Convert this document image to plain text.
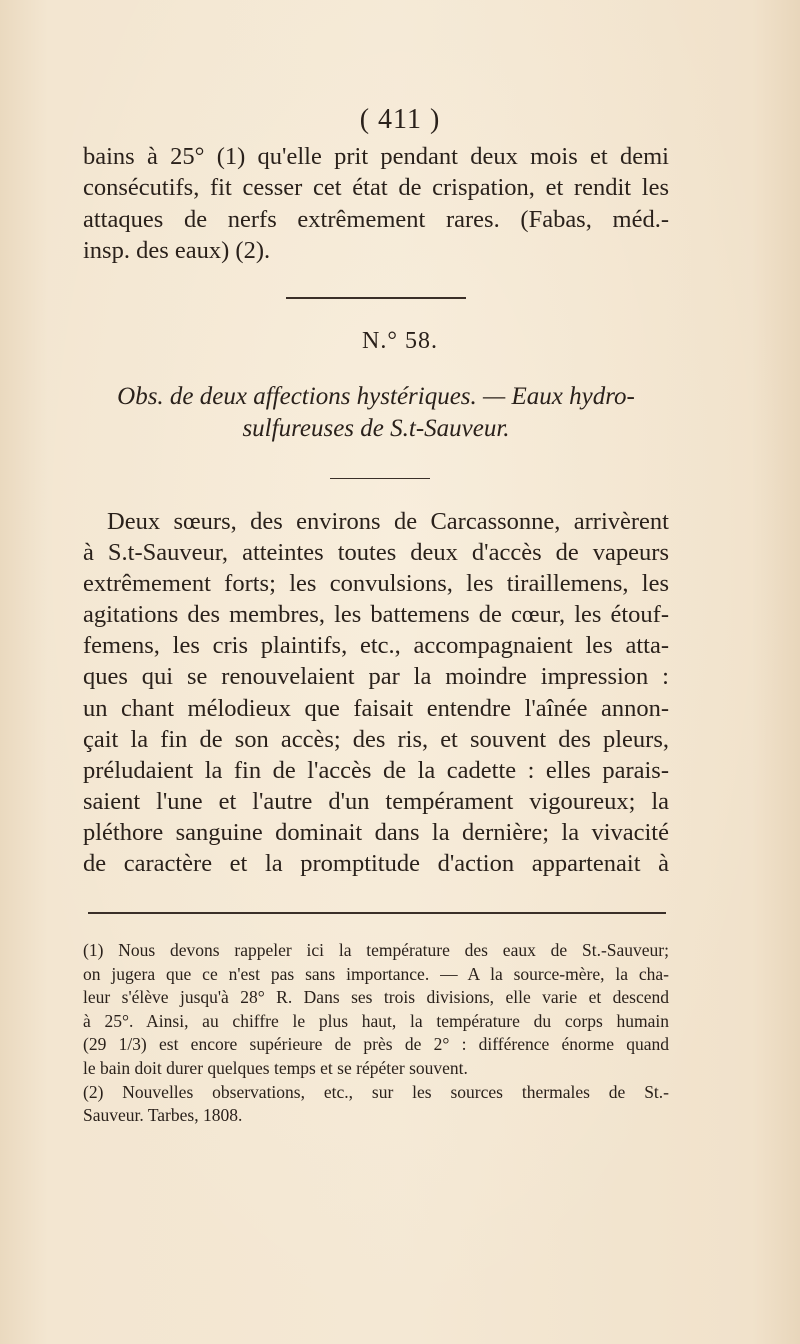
( 411 )
bains à 25° (1) qu'elle prit pendant deux mois et demi
consécutifs, fit cesser cet état de crispation, et rendit les
attaques de nerfs extrêmement rares. (Fabas, méd.-
insp. des eaux) (2).
N.° 58.
Obs. de deux affections hystériques. — Eaux hydro-
sulfureuses de S.t-Sauveur.
Deux sœurs, des environs de Carcassonne, arrivèrent
à S.t-Sauveur, atteintes toutes deux d'accès de vapeurs
extrêmement forts; les convulsions, les tiraillemens, les
agitations des membres, les battemens de cœur, les étouf-
femens, les cris plaintifs, etc., accompagnaient les atta-
ques qui se renouvelaient par la moindre impression :
un chant mélodieux que faisait entendre l'aînée annon-
çait la fin de son accès; des ris, et souvent des pleurs,
préludaient la fin de l'accès de la cadette : elles parais-
saient l'une et l'autre d'un tempérament vigoureux; la
pléthore sanguine dominait dans la dernière; la vivacité
de caractère et la promptitude d'action appartenait à
(1) Nous devons rappeler ici la température des eaux de St.-Sauveur;
on jugera que ce n'est pas sans importance. — A la source-mère, la cha-
leur s'élève jusqu'à 28° R. Dans ses trois divisions, elle varie et descend
à 25°. Ainsi, au chiffre le plus haut, la température du corps humain
(29 1/3) est encore supérieure de près de 2° : différence énorme quand
le bain doit durer quelques temps et se répéter souvent.
(2) Nouvelles observations, etc., sur les sources thermales de St.-
Sauveur. Tarbes, 1808.
